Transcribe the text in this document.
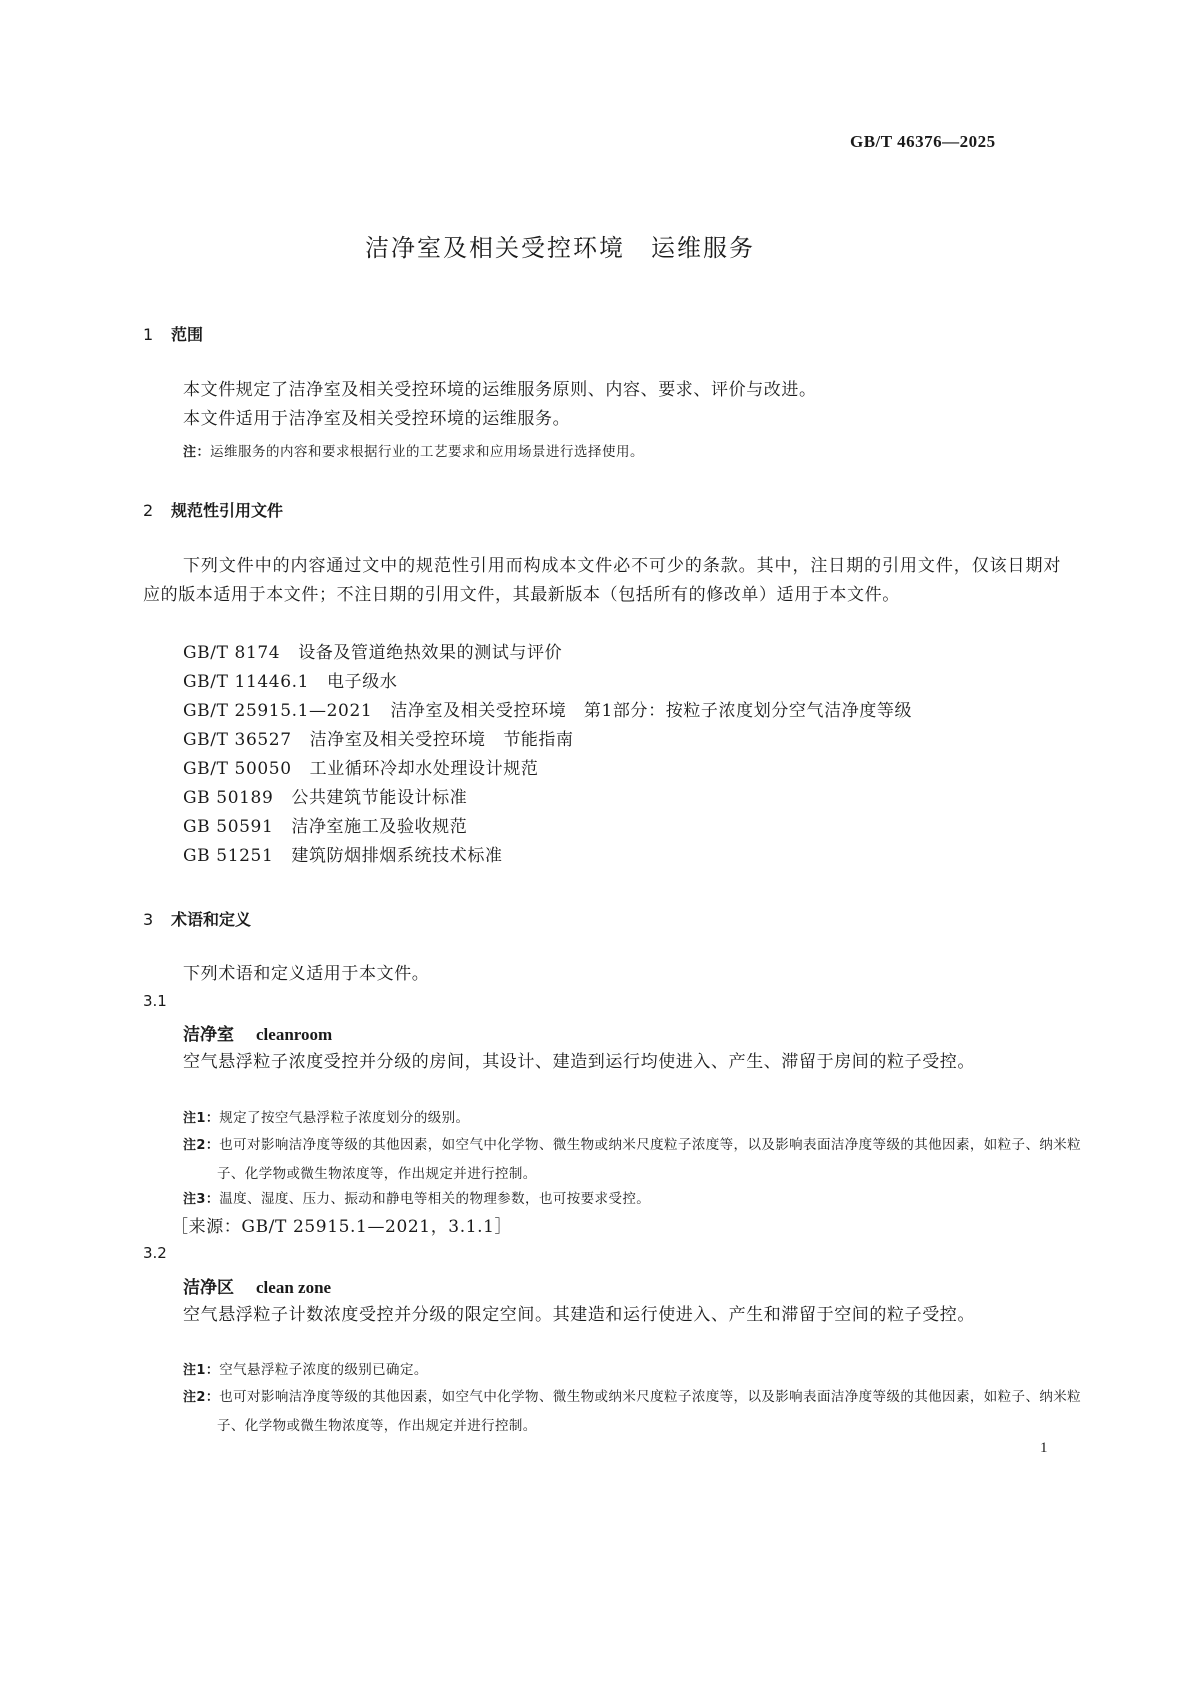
GB/T 46376—2025
洁净室及相关受控环境　运维服务
1 范围
本文件规定了洁净室及相关受控环境的运维服务原则、内容、要求、评价与改进。
本文件适用于洁净室及相关受控环境的运维服务。
注：运维服务的内容和要求根据行业的工艺要求和应用场景进行选择使用。
2 规范性引用文件
下列文件中的内容通过文中的规范性引用而构成本文件必不可少的条款。其中，注日期的引用文件，仅该日期对应的版本适用于本文件；不注日期的引用文件，其最新版本（包括所有的修改单）适用于本文件。
GB/T 8174 设备及管道绝热效果的测试与评价
GB/T 11446.1 电子级水
GB/T 25915.1—2021 洁净室及相关受控环境　第1部分：按粒子浓度划分空气洁净度等级
GB/T 36527 洁净室及相关受控环境　节能指南
GB/T 50050 工业循环冷却水处理设计规范
GB 50189 公共建筑节能设计标准
GB 50591 洁净室施工及验收规范
GB 51251 建筑防烟排烟系统技术标准
3 术语和定义
下列术语和定义适用于本文件。
3.1
洁净室 cleanroom
空气悬浮粒子浓度受控并分级的房间，其设计、建造到运行均使进入、产生、滞留于房间的粒子受控。
注1：规定了按空气悬浮粒子浓度划分的级别。
注2：也可对影响洁净度等级的其他因素，如空气中化学物、微生物或纳米尺度粒子浓度等，以及影响表面洁净度等级的其他因素，如粒子、纳米粒子、化学物或微生物浓度等，作出规定并进行控制。
注3：温度、湿度、压力、振动和静电等相关的物理参数，也可按要求受控。
［来源：GB/T 25915.1—2021，3.1.1］
3.2
洁净区 clean zone
空气悬浮粒子计数浓度受控并分级的限定空间。其建造和运行使进入、产生和滞留于空间的粒子受控。
注1：空气悬浮粒子浓度的级别已确定。
注2：也可对影响洁净度等级的其他因素，如空气中化学物、微生物或纳米尺度粒子浓度等，以及影响表面洁净度等级的其他因素，如粒子、纳米粒子、化学物或微生物浓度等，作出规定并进行控制。
1
